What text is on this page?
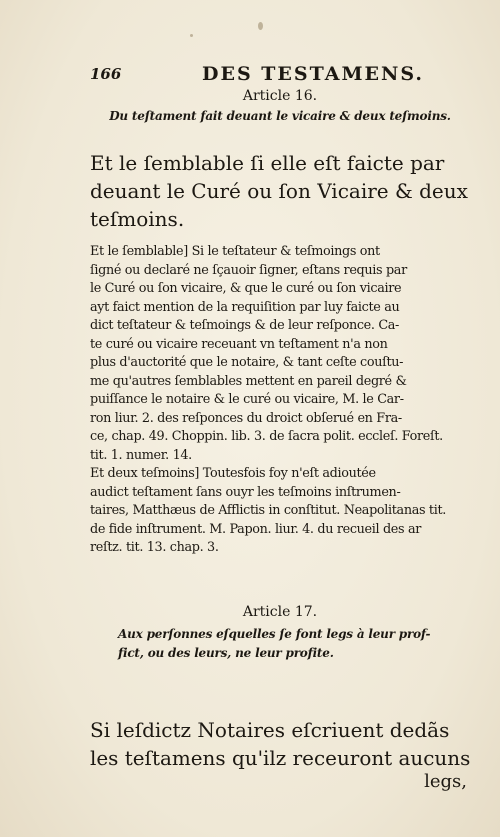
166	DES TESTAMENS.
Article 16.
Du teſtament fait deuant le vicaire & deux teſmoins.
Et le ſemblable ſi elle eſt faicte par
deuant le Curé ou ſon Vicaire & deux
teſmoins.
Et le ſemblable] Si le teſtateur & teſmoings ont
ſigné ou declaré ne ſçauoir ſigner, eſtans requis par
le Curé ou ſon vicaire, & que le curé ou ſon vicaire
ayt faict mention de la requiſition par luy faicte au
dict teſtateur & teſmoings & de leur reſponce. Ca-
te curé ou vicaire receuant vn teſtament n'a non
plus d'auctorité que le notaire, & tant ceſte couſtu-
me qu'autres ſemblables mettent en pareil degré &
puiſſance le notaire & le curé ou vicaire, M. le Car-
ron liur. 2. des reſponces du droict obſerué en Fra-
ce, chap. 49. Choppin. lib. 3. de ſacra polit. eccleſ. Foreſt.
tit. 1. numer. 14.
Et deux teſmoins] Toutesfois foy n'eſt adioutée
audict teſtament ſans ouyr les teſmoins inſtrumen-
taires, Matthæus de Afflictis in conſtitut. Neapolitanas tit.
de fide inſtrument. M. Papon. liur. 4. du recueil des ar
reſtz. tit. 13. chap. 3.
Article 17.
Aux perſonnes eſquelles ſe font legs à leur prof-
fict, ou des leurs, ne leur profite.
Si leſdictz Notaires eſcriuent dedãs
les teſtamens qu'ilz receuront aucuns
legs,
